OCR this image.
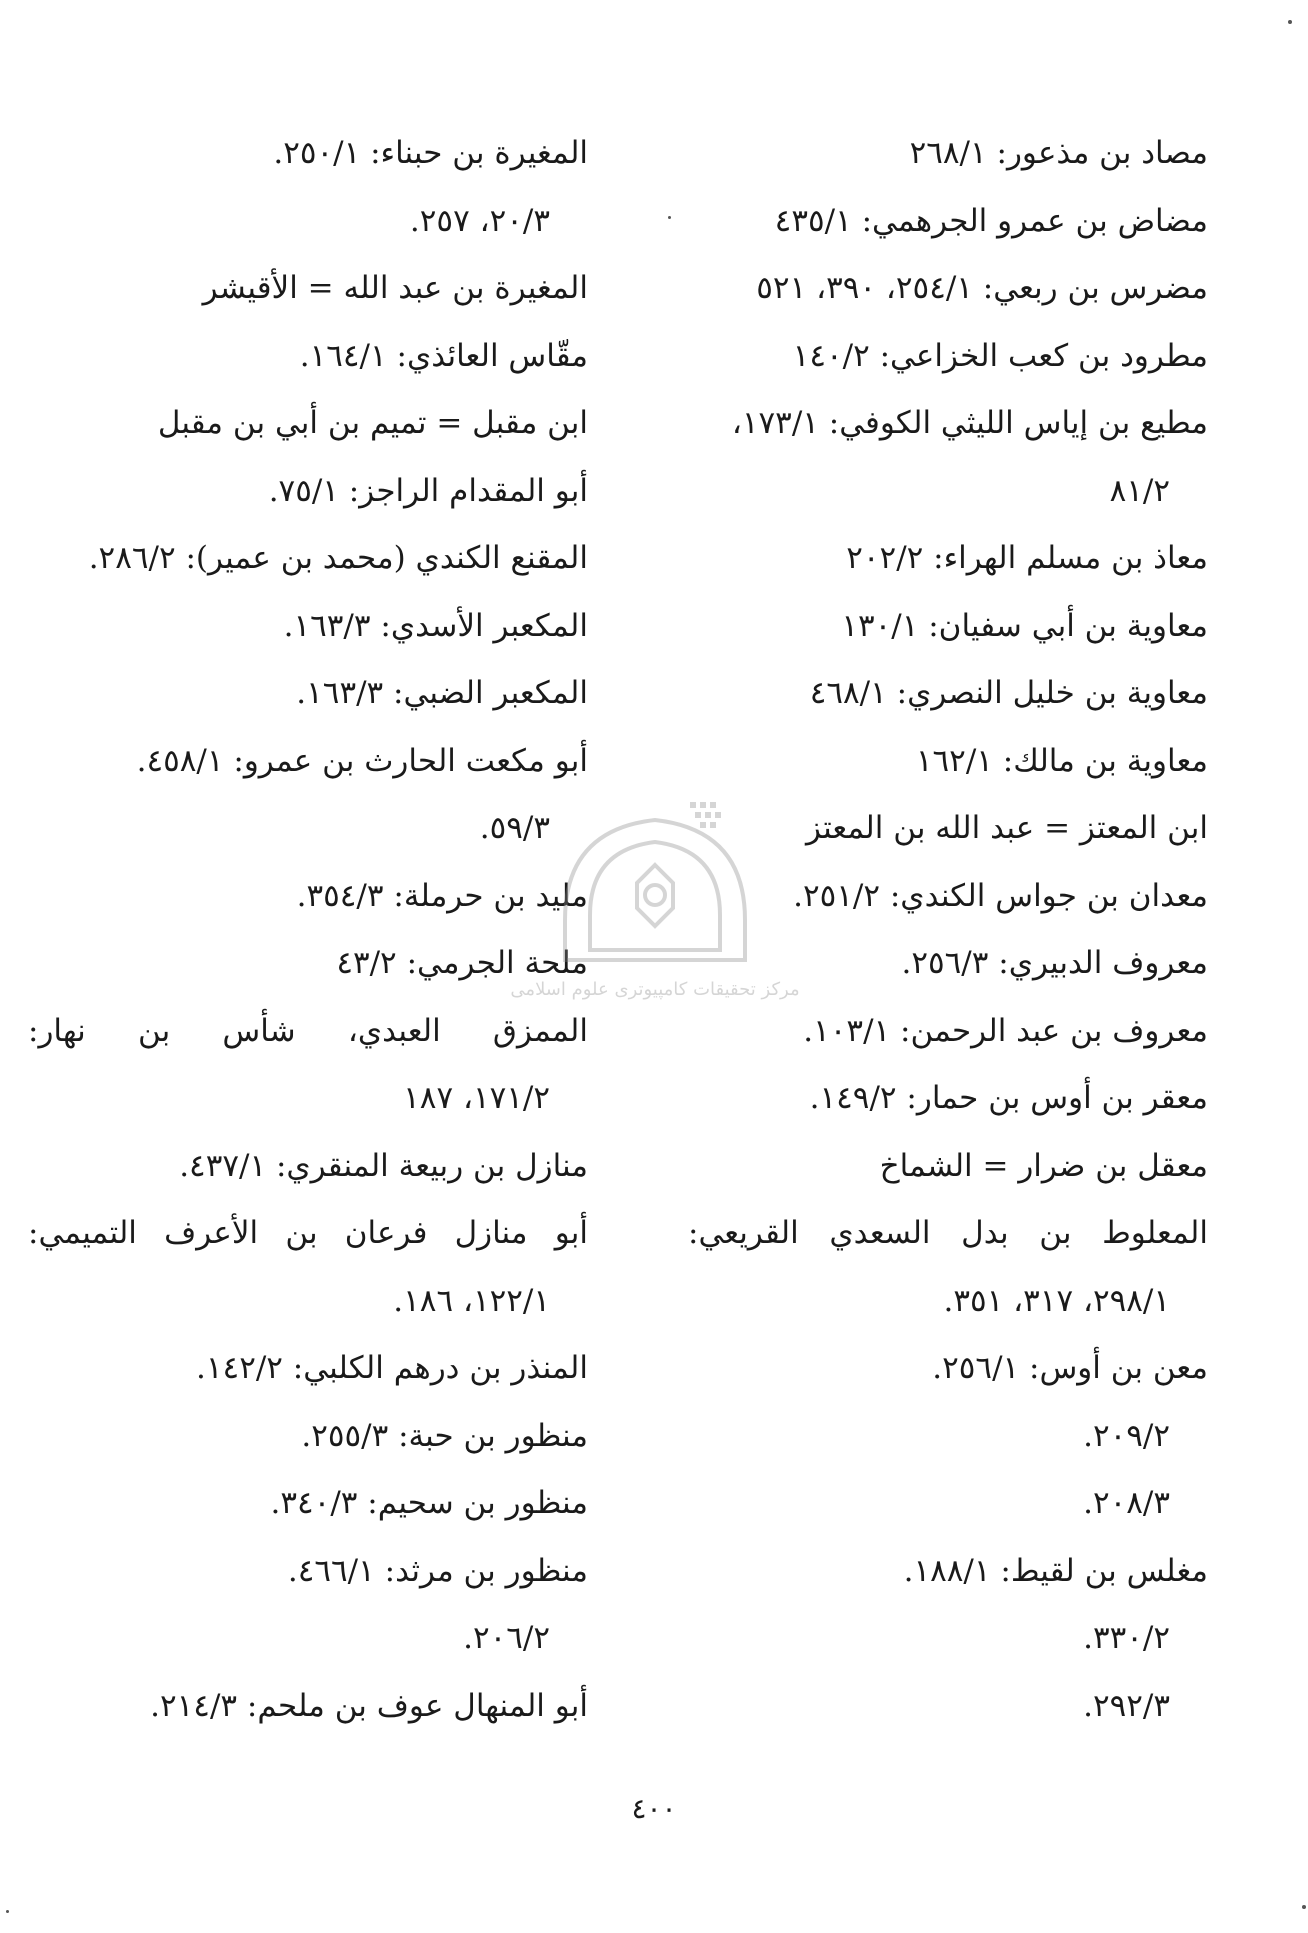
مصاد بن مذعور: ٢٦٨/١
مضاض بن عمرو الجرهمي: ٤٣٥/١
مضرس بن ربعي: ٢٥٤/١، ٣٩٠، ٥٢١
مطرود بن كعب الخزاعي: ١٤٠/٢
مطيع بن إياس الليثي الكوفي: ١٧٣/١،
٨١/٢
معاذ بن مسلم الهراء: ٢٠٢/٢
معاوية بن أبي سفيان: ١٣٠/١
معاوية بن خليل النصري: ٤٦٨/١
معاوية بن مالك: ١٦٢/١
ابن المعتز = عبد الله بن المعتز
معدان بن جواس الكندي: ٢٥١/٢.
معروف الدبيري: ٢٥٦/٣.
معروف بن عبد الرحمن: ١٠٣/١.
معقر بن أوس بن حمار: ١٤٩/٢.
معقل بن ضرار = الشماخ
المعلوط بن بدل السعدي القريعي:
٢٩٨/١، ٣١٧، ٣٥١.
معن بن أوس: ٢٥٦/١.
٢٠٩/٢.
٢٠٨/٣.
مغلس بن لقيط: ١٨٨/١.
٣٣٠/٢.
٢٩٢/٣.
المغيرة بن حبناء: ٢٥٠/١.
٢٠/٣، ٢٥٧.
المغيرة بن عبد الله = الأقيشر
مقّاس العائذي: ١٦٤/١.
ابن مقبل = تميم بن أبي بن مقبل
أبو المقدام الراجز: ٧٥/١.
المقنع الكندي (محمد بن عمير): ٢٨٦/٢.
المكعبر الأسدي: ١٦٣/٣.
المكعبر الضبي: ١٦٣/٣.
أبو مكعت الحارث بن عمرو: ٤٥٨/١.
٥٩/٣.
مليد بن حرملة: ٣٥٤/٣.
ملحة الجرمي: ٤٣/٢
الممزق العبدي، شأس بن نهار:
١٧١/٢، ١٨٧
منازل بن ربيعة المنقري: ٤٣٧/١.
أبو منازل فرعان بن الأعرف التميمي:
١٢٢/١، ١٨٦.
المنذر بن درهم الكلبي: ١٤٢/٢.
منظور بن حبة: ٢٥٥/٣.
منظور بن سحيم: ٣٤٠/٣.
منظور بن مرثد: ٤٦٦/١.
٢٠٦/٢.
أبو المنهال عوف بن ملحم: ٢١٤/٣.
مركز تحقيقات كامپيوتری علوم اسلامی
٤٠٠
